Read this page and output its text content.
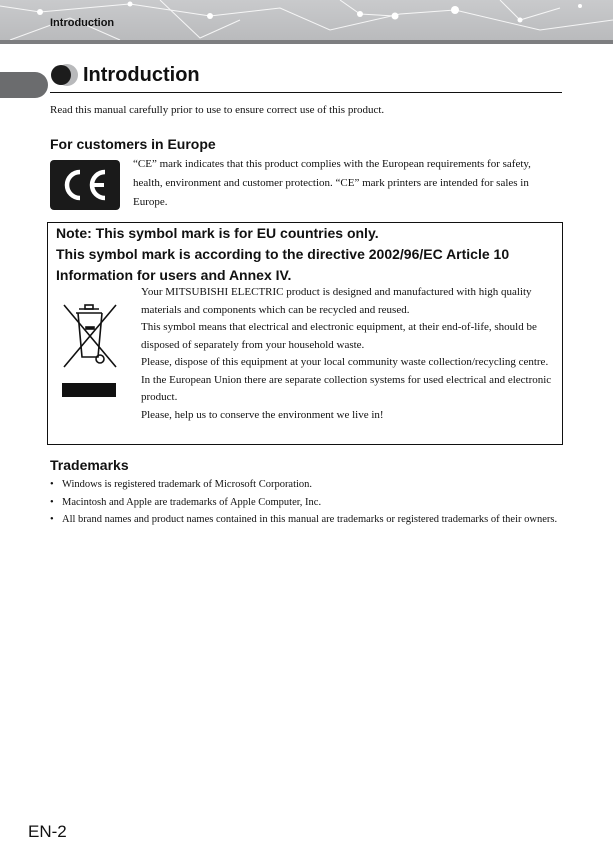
Introduction
Introduction
Read this manual carefully prior to use to ensure correct use of this product.
For customers in Europe

“CE” mark indicates that this product complies with the European requirements for safety, health, environment and customer protection. “CE” mark printers are intended for sales in Europe.

Note: This symbol mark is for EU countries only.
This symbol mark is according to the directive 2002/96/EC Article 10
Information for users and Annex IV.

Your MITSUBISHI ELECTRIC product is designed and manufactured with high quality materials and components which can be recycled and reused.

This symbol means that electrical and electronic equipment, at their end-of-life, should be disposed of separately from your household waste.

Please, dispose of this equipment at your local community waste collection/recycling centre.

In the European Union there are separate collection systems for used electrical and electronic product.

Please, help us to conserve the environment we live in!

Trademarks
• Windows is registered trademark of Microsoft Corporation.
• Macintosh and Apple are trademarks of Apple Computer, Inc.
• All brand names and product names contained in this manual are trademarks or registered trademarks of their owners.
EN-2
